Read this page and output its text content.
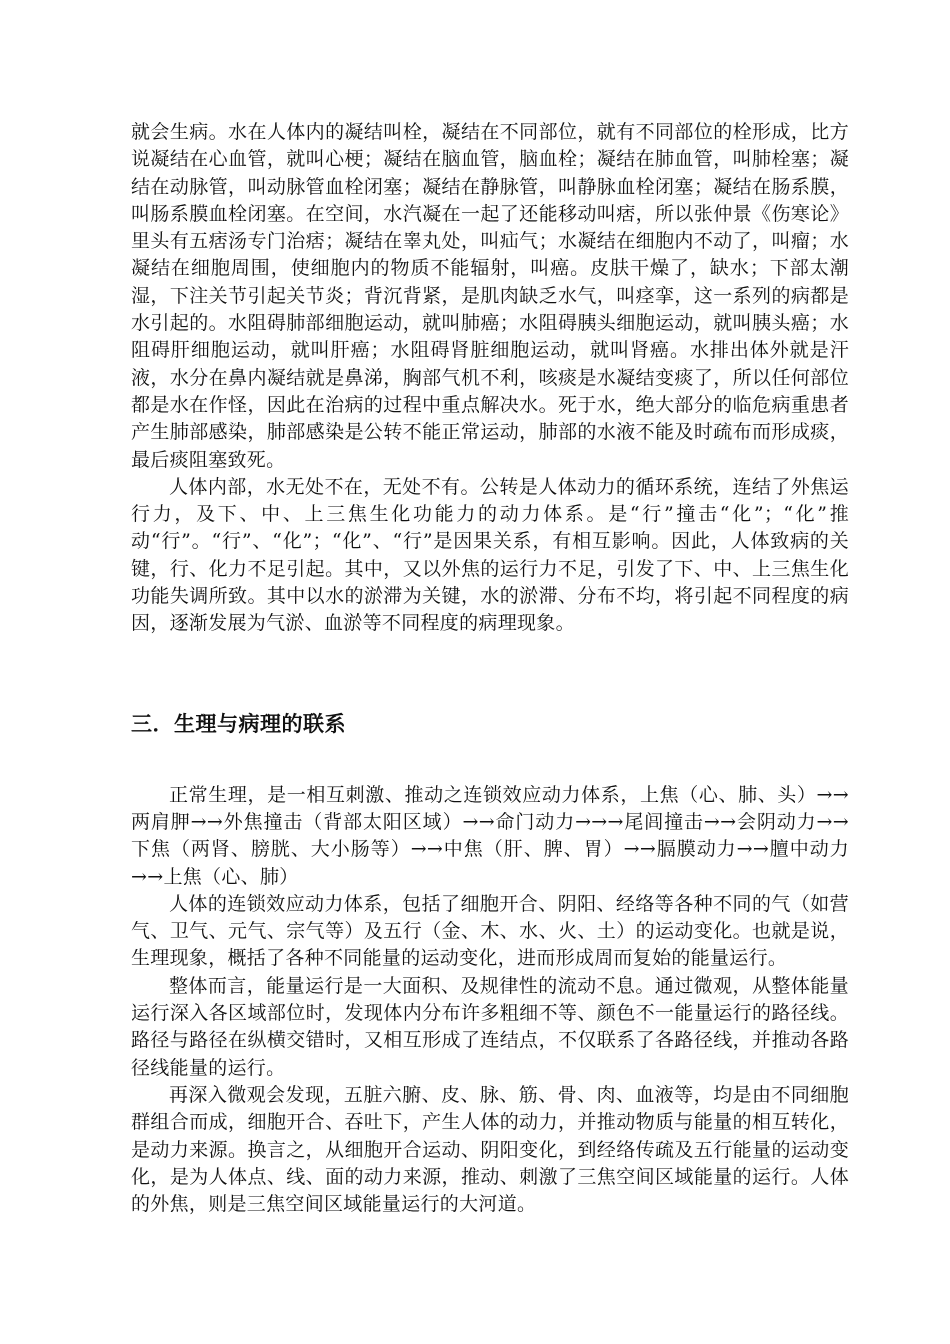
就会生病。水在人体内的凝结叫栓，凝结在不同部位，就有不同部位的栓形成，比方说凝结在心血管，就叫心梗；凝结在脑血管，脑血栓；凝结在肺血管，叫肺栓塞；凝结在动脉管，叫动脉管血栓闭塞；凝结在静脉管，叫静脉血栓闭塞；凝结在肠系膜，叫肠系膜血栓闭塞。在空间，水汽凝在一起了还能移动叫痞，所以张仲景《伤寒论》里头有五痞汤专门治痞；凝结在睾丸处，叫疝气；水凝结在细胞内不动了，叫瘤；水凝结在细胞周围，使细胞内的物质不能辐射，叫癌。皮肤干燥了，缺水；下部太潮湿，下注关节引起关节炎；背沉背紧，是肌肉缺乏水气，叫痉挛，这一系列的病都是水引起的。水阻碍肺部细胞运动，就叫肺癌；水阻碍胰头细胞运动，就叫胰头癌；水阻碍肝细胞运动，就叫肝癌；水阻碍肾脏细胞运动，就叫肾癌。水排出体外就是汗液，水分在鼻内凝结就是鼻涕，胸部气机不利，咳痰是水凝结变痰了，所以任何部位都是水在作怪，因此在治病的过程中重点解决水。死于水，绝大部分的临危病重患者产生肺部感染，肺部感染是公转不能正常运动，肺部的水液不能及时疏布而形成痰，最后痰阻塞致死。

人体内部，水无处不在，无处不有。公转是人体动力的循环系统，连结了外焦运行力，及下、中、上三焦生化功能力的动力体系。是“行”撞击“化”；“化”推动“行”。“行”、“化”；“化”、“行”是因果关系，有相互影响。因此，人体致病的关键，行、化力不足引起。其中，又以外焦的运行力不足，引发了下、中、上三焦生化功能失调所致。其中以水的淤滞为关键，水的淤滞、分布不均，将引起不同程度的病因，逐渐发展为气淤、血淤等不同程度的病理现象。

三．生理与病理的联系

正常生理，是一相互刺激、推动之连锁效应动力体系，上焦（心、肺、头）→→两肩胛→→外焦撞击（背部太阳区域）→→命门动力→→→尾闾撞击→→会阴动力→→下焦（两肾、膀胱、大小肠等）→→中焦（肝、脾、胃）→→膈膜动力→→膻中动力→→上焦（心、肺）

人体的连锁效应动力体系，包括了细胞开合、阴阳、经络等各种不同的气（如营气、卫气、元气、宗气等）及五行（金、木、水、火、土）的运动变化。也就是说，生理现象，概括了各种不同能量的运动变化，进而形成周而复始的能量运行。

整体而言，能量运行是一大面积、及规律性的流动不息。通过微观，从整体能量运行深入各区域部位时，发现体内分布许多粗细不等、颜色不一能量运行的路径线。路径与路径在纵横交错时，又相互形成了连结点，不仅联系了各路径线，并推动各路径线能量的运行。

再深入微观会发现，五脏六腑、皮、脉、筋、骨、肉、血液等，均是由不同细胞群组合而成，细胞开合、吞吐下，产生人体的动力，并推动物质与能量的相互转化，是动力来源。换言之，从细胞开合运动、阴阳变化，到经络传疏及五行能量的运动变化，是为人体点、线、面的动力来源，推动、刺激了三焦空间区域能量的运行。人体的外焦，则是三焦空间区域能量运行的大河道。
